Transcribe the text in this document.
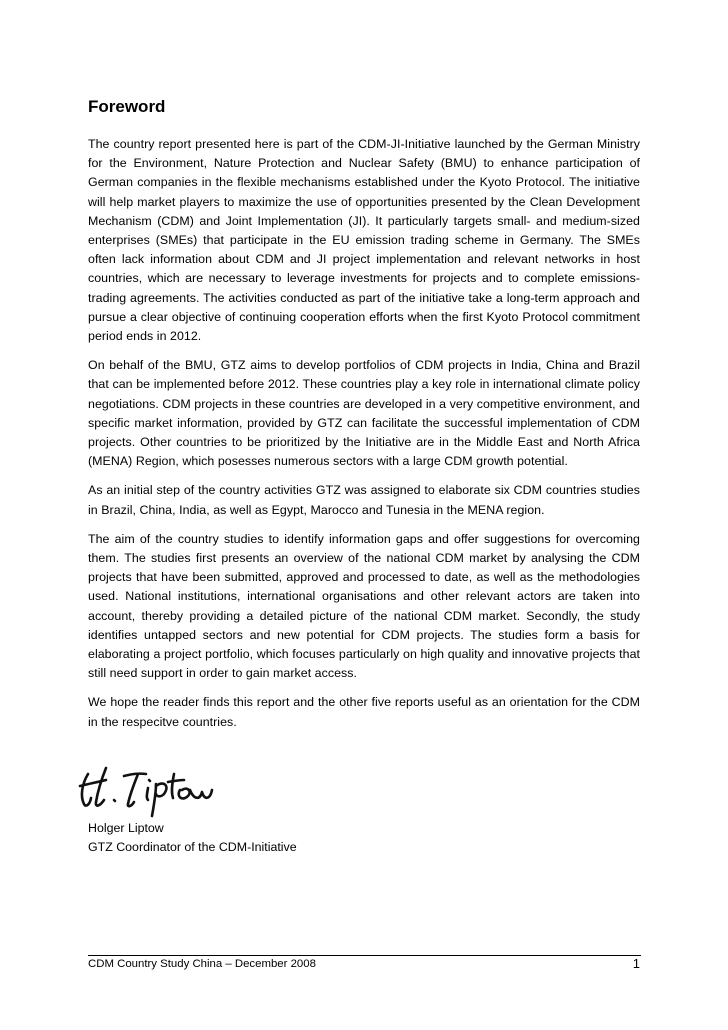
Foreword

The country report presented here is part of the CDM-JI-Initiative launched by the German Ministry for the Environment, Nature Protection and Nuclear Safety (BMU) to enhance participation of German companies in the flexible mechanisms established under the Kyoto Protocol. The initiative will help market players to maximize the use of opportunities presented by the Clean Development Mechanism (CDM) and Joint Implementation (JI). It particularly targets small- and medium-sized enterprises (SMEs) that participate in the EU emission trading scheme in Germany. The SMEs often lack information about CDM and JI project implementation and relevant networks in host countries, which are necessary to leverage investments for projects and to complete emissions-trading agreements. The activities conducted as part of the initiative take a long-term approach and pursue a clear objective of continuing cooperation efforts when the first Kyoto Protocol commitment period ends in 2012.

On behalf of the BMU, GTZ aims to develop portfolios of CDM projects in India, China and Brazil that can be implemented before 2012. These countries play a key role in international climate policy negotiations. CDM projects in these countries are developed in a very competitive environment, and specific market information, provided by GTZ can facilitate the successful implementation of CDM projects. Other countries to be prioritized by the Initiative are in the Middle East and North Africa (MENA) Region, which posesses numerous sectors with a large CDM growth potential.

As an initial step of the country activities GTZ was assigned to elaborate six CDM countries studies in Brazil, China, India, as well as Egypt, Marocco and Tunesia in the MENA region.

The aim of the country studies to identify information gaps and offer suggestions for overcoming them. The studies first presents an overview of the national CDM market by analysing the CDM projects that have been submitted, approved and processed to date, as well as the methodologies used. National institutions, international organisations and other relevant actors are taken into account, thereby providing a detailed picture of the national CDM market. Secondly, the study identifies untapped sectors and new potential for CDM projects. The studies form a basis for elaborating a project portfolio, which focuses particularly on high quality and innovative projects that still need support in order to gain market access.

We hope the reader finds this report and the other five reports useful as an orientation for the CDM in the respecitve countries.

Holger Liptow

GTZ Coordinator of the CDM-Initiative

CDM Country Study China – December 2008	1
